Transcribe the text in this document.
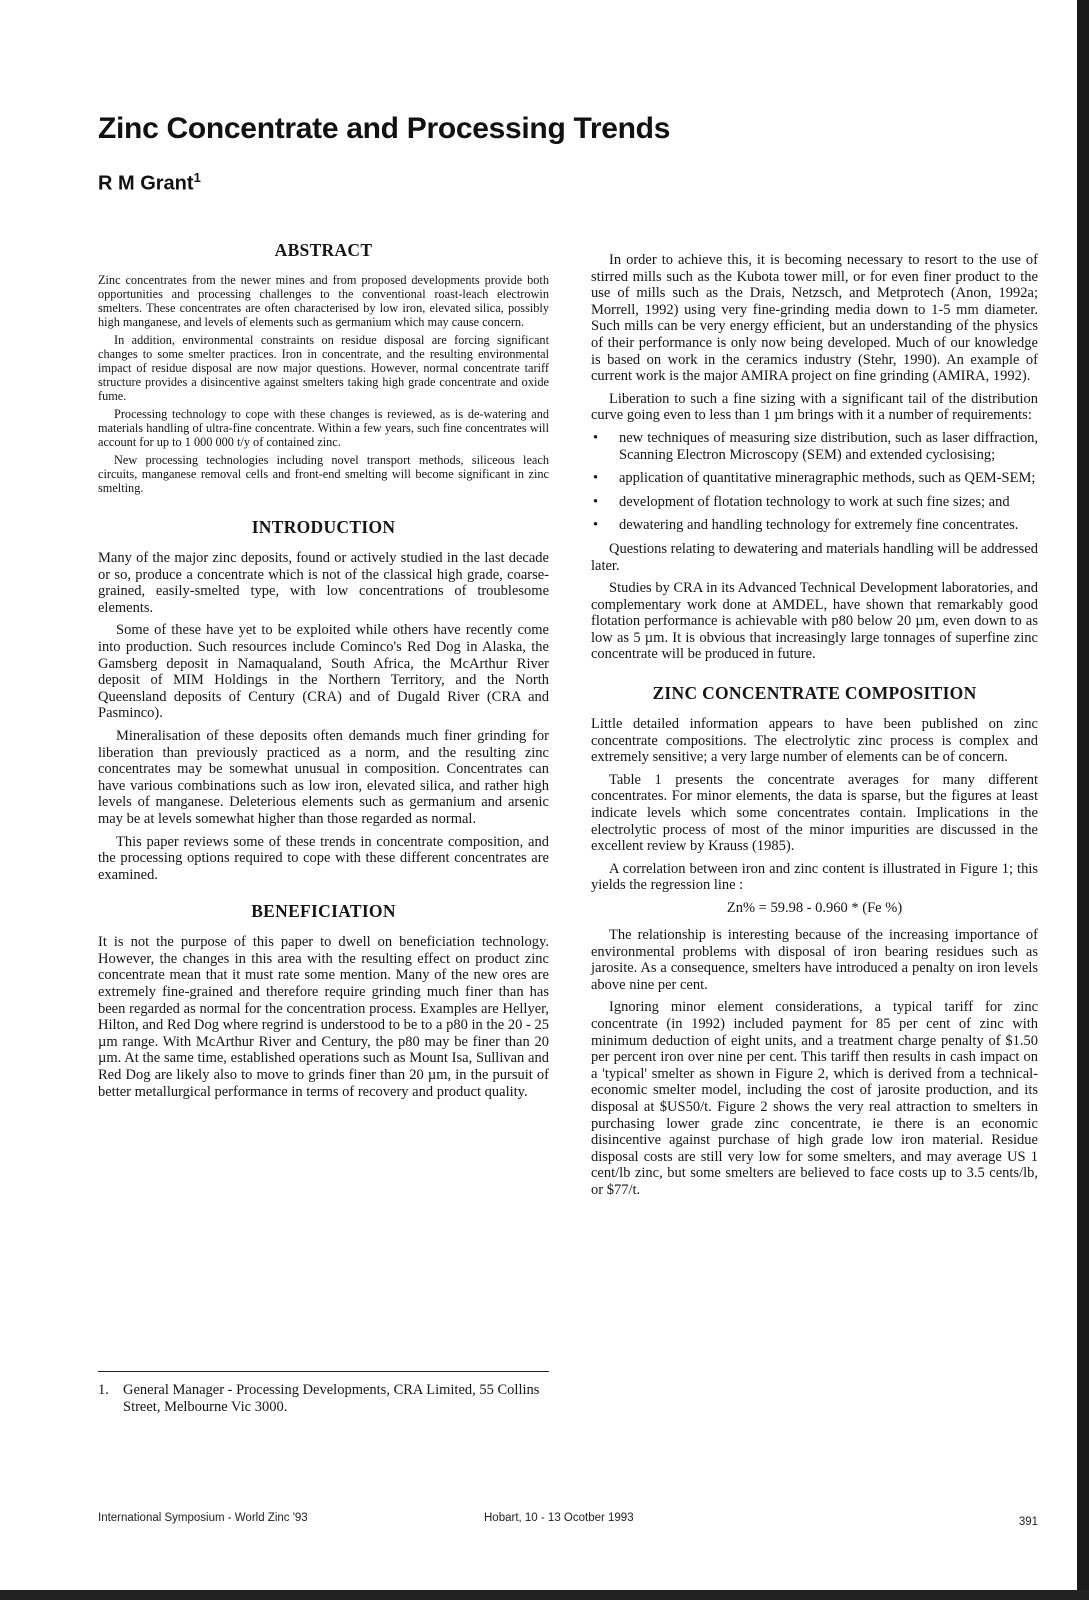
Zinc Concentrate and Processing Trends
R M Grant$^1$
ABSTRACT

Zinc concentrates from the newer mines and from proposed developments provide both opportunities and processing challenges to the conventional roast-leach electrowin smelters. These concentrates are often characterised by low iron, elevated silica, possibly high manganese, and levels of elements such as germanium which may cause concern.

In addition, environmental constraints on residue disposal are forcing significant changes to some smelter practices. Iron in concentrate, and the resulting environmental impact of residue disposal are now major questions. However, normal concentrate tariff structure provides a disincentive against smelters taking high grade concentrate and oxide fume.

Processing technology to cope with these changes is reviewed, as is de-watering and materials handling of ultra-fine concentrate. Within a few years, such fine concentrates will account for up to 1 000 000 t/y of contained zinc.

New processing technologies including novel transport methods, siliceous leach circuits, manganese removal cells and front-end smelting will become significant in zinc smelting.

INTRODUCTION

Many of the major zinc deposits, found or actively studied in the last decade or so, produce a concentrate which is not of the classical high grade, coarse-grained, easily-smelted type, with low concentrations of troublesome elements.

Some of these have yet to be exploited while others have recently come into production. Such resources include Cominco's Red Dog in Alaska, the Gamsberg deposit in Namaqualand, South Africa, the McArthur River deposit of MIM Holdings in the Northern Territory, and the North Queensland deposits of Century (CRA) and of Dugald River (CRA and Pasminco).

Mineralisation of these deposits often demands much finer grinding for liberation than previously practiced as a norm, and the resulting zinc concentrates may be somewhat unusual in composition. Concentrates can have various combinations such as low iron, elevated silica, and rather high levels of manganese. Deleterious elements such as germanium and arsenic may be at levels somewhat higher than those regarded as normal.

This paper reviews some of these trends in concentrate composition, and the processing options required to cope with these different concentrates are examined.

BENEFICIATION

It is not the purpose of this paper to dwell on beneficiation technology. However, the changes in this area with the resulting effect on product zinc concentrate mean that it must rate some mention. Many of the new ores are extremely fine-grained and therefore require grinding much finer than has been regarded as normal for the concentration process. Examples are Hellyer, Hilton, and Red Dog where regrind is understood to be to a p80 in the 20 - 25 µm range. With McArthur River and Century, the p80 may be finer than 20 µm. At the same time, established operations such as Mount Isa, Sullivan and Red Dog are likely also to move to grinds finer than 20 µm, in the pursuit of better metallurgical performance in terms of recovery and product quality.

1. General Manager - Processing Developments, CRA Limited, 55 Collins Street, Melbourne Vic 3000.

In order to achieve this, it is becoming necessary to resort to the use of stirred mills such as the Kubota tower mill, or for even finer product to the use of mills such as the Drais, Netzsch, and Metprotech (Anon, 1992a; Morrell, 1992) using very fine-grinding media down to 1-5 mm diameter. Such mills can be very energy efficient, but an understanding of the physics of their performance is only now being developed. Much of our knowledge is based on work in the ceramics industry (Stehr, 1990). An example of current work is the major AMIRA project on fine grinding (AMIRA, 1992).

Liberation to such a fine sizing with a significant tail of the distribution curve going even to less than 1 µm brings with it a number of requirements:

• new techniques of measuring size distribution, such as laser diffraction, Scanning Electron Microscopy (SEM) and extended cyclosising;
• application of quantitative mineragraphic methods, such as QEM-SEM;
• development of flotation technology to work at such fine sizes; and
• dewatering and handling technology for extremely fine concentrates.

Questions relating to dewatering and materials handling will be addressed later.

Studies by CRA in its Advanced Technical Development laboratories, and complementary work done at AMDEL, have shown that remarkably good flotation performance is achievable with p80 below 20 µm, even down to as low as 5 µm. It is obvious that increasingly large tonnages of superfine zinc concentrate will be produced in future.

ZINC CONCENTRATE COMPOSITION

Little detailed information appears to have been published on zinc concentrate compositions. The electrolytic zinc process is complex and extremely sensitive; a very large number of elements can be of concern.

Table 1 presents the concentrate averages for many different concentrates. For minor elements, the data is sparse, but the figures at least indicate levels which some concentrates contain. Implications in the electrolytic process of most of the minor impurities are discussed in the excellent review by Krauss (1985).

A correlation between iron and zinc content is illustrated in Figure 1; this yields the regression line :

Zn% = 59.98 - 0.960 * (Fe %)

The relationship is interesting because of the increasing importance of environmental problems with disposal of iron bearing residues such as jarosite. As a consequence, smelters have introduced a penalty on iron levels above nine per cent.

Ignoring minor element considerations, a typical tariff for zinc concentrate (in 1992) included payment for 85 per cent of zinc with minimum deduction of eight units, and a treatment charge penalty of $1.50 per percent iron over nine per cent. This tariff then results in cash impact on a 'typical' smelter as shown in Figure 2, which is derived from a technical-economic smelter model, including the cost of jarosite production, and its disposal at $US50/t. Figure 2 shows the very real attraction to smelters in purchasing lower grade zinc concentrate, ie there is an economic disincentive against purchase of high grade low iron material. Residue disposal costs are still very low for some smelters, and may average US 1 cent/lb zinc, but some smelters are believed to face costs up to 3.5 cents/lb, or $77/t.

International Symposium - World Zinc '93	Hobart, 10 - 13 Ocotber 1993	391
